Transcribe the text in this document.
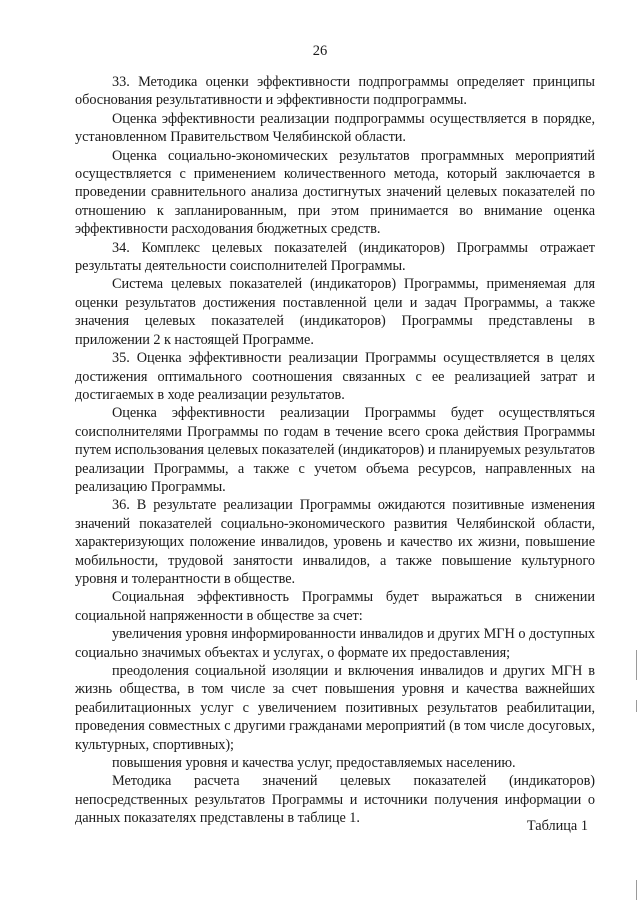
26

33. Методика оценки эффективности подпрограммы определяет принципы обоснования результативности и эффективности подпрограммы.

Оценка эффективности реализации подпрограммы осуществляется в порядке, установленном Правительством Челябинской области.

Оценка социально-экономических результатов программных мероприятий осуществляется с применением количественного метода, который заключается в проведении сравнительного анализа достигнутых значений целевых показателей по отношению к запланированным, при этом принимается во внимание оценка эффективности расходования бюджетных средств.

34. Комплекс целевых показателей (индикаторов) Программы отражает результаты деятельности соисполнителей Программы.

Система целевых показателей (индикаторов) Программы, применяемая для оценки результатов достижения поставленной цели и задач Программы, а также значения целевых показателей (индикаторов) Программы представлены в приложении 2 к настоящей Программе.

35. Оценка эффективности реализации Программы осуществляется в целях достижения оптимального соотношения связанных с ее реализацией затрат и достигаемых в ходе реализации результатов.

Оценка эффективности реализации Программы будет осуществляться соисполнителями Программы по годам в течение всего срока действия Программы путем использования целевых показателей (индикаторов) и планируемых результатов реализации Программы, а также с учетом объема ресурсов, направленных на реализацию Программы.

36. В результате реализации Программы ожидаются позитивные изменения значений показателей социально-экономического развития Челябинской области, характеризующих положение инвалидов, уровень и качество их жизни, повышение мобильности, трудовой занятости инвалидов, а также повышение культурного уровня и толерантности в обществе.

Социальная эффективность Программы будет выражаться в снижении социальной напряженности в обществе за счет:

увеличения уровня информированности инвалидов и других МГН о доступных социально значимых объектах и услугах, о формате их предоставления;

преодоления социальной изоляции и включения инвалидов и других МГН в жизнь общества, в том числе за счет повышения уровня и качества важнейших реабилитационных услуг с увеличением позитивных результатов реабилитации, проведения совместных с другими гражданами мероприятий (в том числе досуговых, культурных, спортивных);

повышения уровня и качества услуг, предоставляемых населению.

Методика расчета значений целевых показателей (индикаторов) непосредственных результатов Программы и источники получения информации о данных показателях представлены в таблице 1.	Таблица 1
